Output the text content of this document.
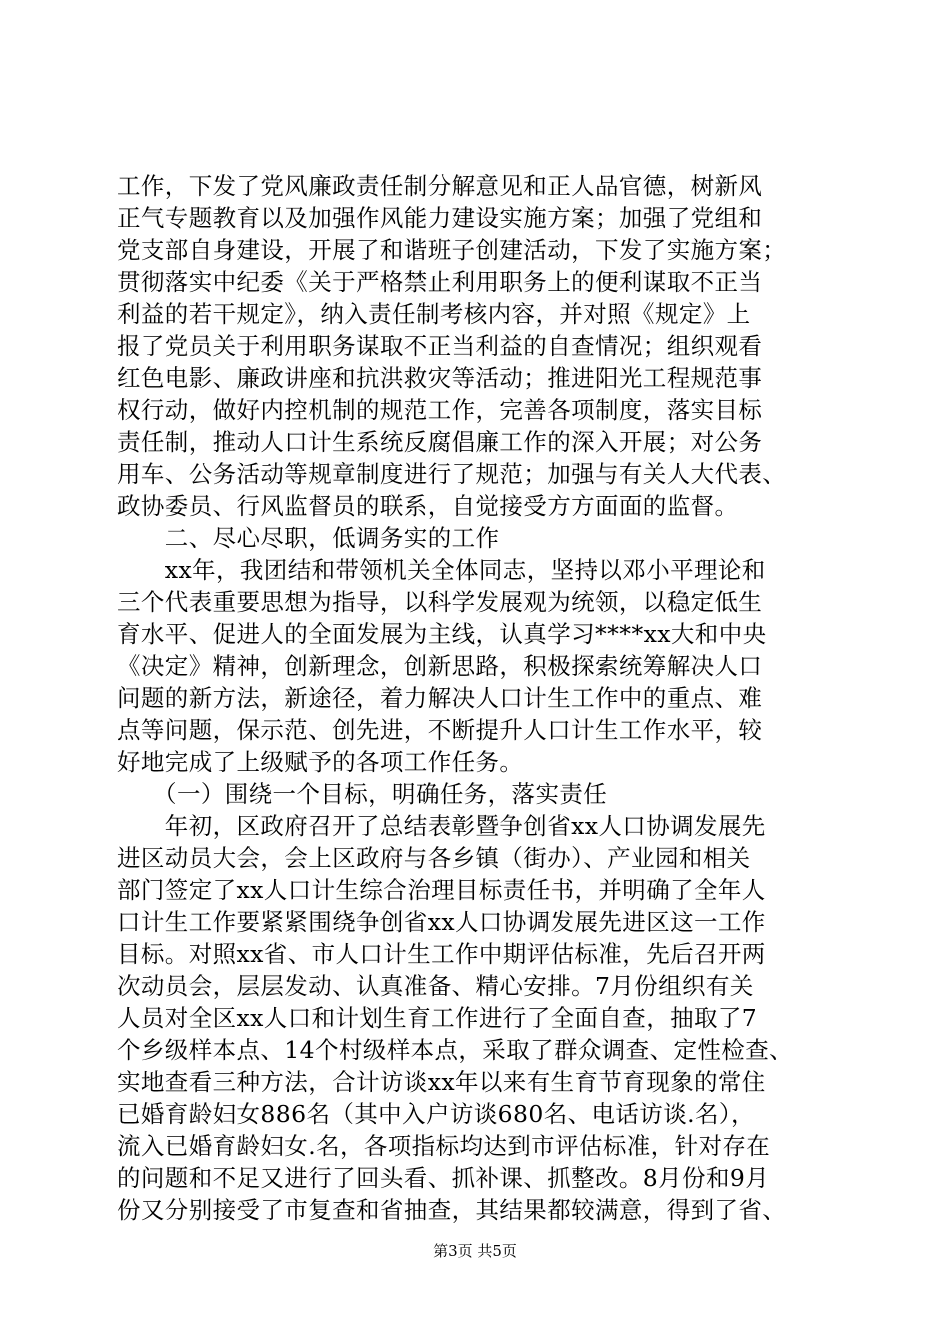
工作，下发了党风廉政责任制分解意见和正人品官德，树新风
正气专题教育以及加强作风能力建设实施方案；加强了党组和
党支部自身建设，开展了和谐班子创建活动，下发了实施方案；
贯彻落实中纪委《关于严格禁止利用职务上的便利谋取不正当
利益的若干规定》，纳入责任制考核内容，并对照《规定》上
报了党员关于利用职务谋取不正当利益的自查情况；组织观看
红色电影、廉政讲座和抗洪救灾等活动；推进阳光工程规范事
权行动，做好内控机制的规范工作，完善各项制度，落实目标
责任制，推动人口计生系统反腐倡廉工作的深入开展；对公务
用车、公务活动等规章制度进行了规范；加强与有关人大代表、
政协委员、行风监督员的联系，自觉接受方方面面的监督。
　　二、尽心尽职，低调务实的工作
　　xx年，我团结和带领机关全体同志，坚持以邓小平理论和
三个代表重要思想为指导，以科学发展观为统领，以稳定低生
育水平、促进人的全面发展为主线，认真学习****xx大和中央
《决定》精神，创新理念，创新思路，积极探索统筹解决人口
问题的新方法，新途径，着力解决人口计生工作中的重点、难
点等问题，保示范、创先进，不断提升人口计生工作水平，较
好地完成了上级赋予的各项工作任务。
　　（一）围绕一个目标，明确任务，落实责任
　　年初，区政府召开了总结表彰暨争创省xx人口协调发展先
进区动员大会，会上区政府与各乡镇（街办）、产业园和相关
部门签定了xx人口计生综合治理目标责任书，并明确了全年人
口计生工作要紧紧围绕争创省xx人口协调发展先进区这一工作
目标。对照xx省、市人口计生工作中期评估标准，先后召开两
次动员会，层层发动、认真准备、精心安排。7月份组织有关
人员对全区xx人口和计划生育工作进行了全面自查，抽取了7
个乡级样本点、14个村级样本点，采取了群众调查、定性检查、
实地查看三种方法，合计访谈xx年以来有生育节育现象的常住
已婚育龄妇女886名（其中入户访谈680名、电话访谈.名），
流入已婚育龄妇女.名，各项指标均达到市评估标准，针对存在
的问题和不足又进行了回头看、抓补课、抓整改。8月份和9月
份又分别接受了市复查和省抽查，其结果都较满意，得到了省、
第3页 共5页
